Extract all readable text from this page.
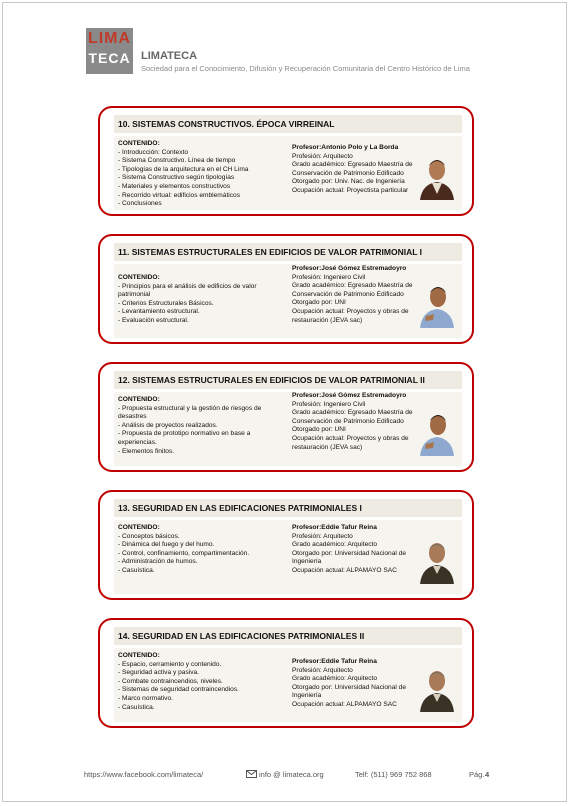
LIMA
TECA LIMATECA
Sociedad para el Conocimiento, Difusión y Recuperación Comunitaria del Centro Histórico de Lima
10. SISTEMAS CONSTRUCTIVOS. ÉPOCA VIRREINAL
CONTENIDO:
- Introducción: Contexto
- Sistema Constructivo. Línea de tiempo
- Tipologías de la arquitectura en el CH Lima
- Sistema Constructivo según tipologías
- Materiales y elementos constructivos
- Recorrido virtual: edificios emblemáticos
- Conclusiones
Profesor:Antonio Polo y La Borda
Profesión: Arquitecto
Grado académico: Egresado Maestría de Conservación de Patrimonio Edificado
Otorgado por: Univ. Nac. de Ingeniería
Ocupación actual: Proyectista particular
11. SISTEMAS ESTRUCTURALES EN EDIFICIOS DE VALOR PATRIMONIAL I
CONTENIDO:
- Principios para el análisis de edificios de valor patrimonial
- Criterios Estructurales Básicos.
- Levantamiento estructural.
- Evaluación estructural.
Profesor:José Gómez Estremadoyro
Profesión: Ingeniero Civil
Grado académico: Egresado Maestría de Conservación de Patrimonio Edificado
Otorgado por: UNI
Ocupación actual: Proyectos y obras de restauración (JEVA sac)
12. SISTEMAS ESTRUCTURALES EN EDIFICIOS DE VALOR PATRIMONIAL II
CONTENIDO:
- Propuesta estructural y la gestión de riesgos de desastres
- Análisis de proyectos realizados.
- Propuesta de prototipo normativo en base a experiencias.
- Elementos finitos.
Profesor:José Gómez Estremadoyro
Profesión: Ingeniero Civil
Grado académico: Egresado Maestría de Conservación de Patrimonio Edificado
Otorgado por: UNI
Ocupación actual: Proyectos y obras de restauración (JEVA sac)
13. SEGURIDAD EN LAS EDIFICACIONES PATRIMONIALES I
CONTENIDO:
- Conceptos básicos.
- Dinámica del fuego y del humo.
- Control, confinamiento, compartimentación.
- Administración de humos.
- Casuística.
Profesor:Eddie Tafur Reina
Profesión: Arquitecto
Grado académico: Arquitecto
Otorgado por: Universidad Nacional de Ingeniería
Ocupación actual: ALPAMAYO SAC
14. SEGURIDAD EN LAS EDIFICACIONES PATRIMONIALES II
CONTENIDO:
- Espacio, cerramiento y contenido.
- Seguridad activa y pasiva.
- Combate contraincendios, niveles.
- Sistemas de seguridad contraincendios.
- Marco normativo.
- Casuística.
Profesor:Eddie Tafur Reina
Profesión: Arquitecto
Grado académico: Arquitecto
Otorgado por: Universidad Nacional de Ingeniería
Ocupación actual: ALPAMAYO SAC
https://www.facebook.com/limateca/	info @ limateca.org	Telf: (511) 969 752 868	Pág. 4
